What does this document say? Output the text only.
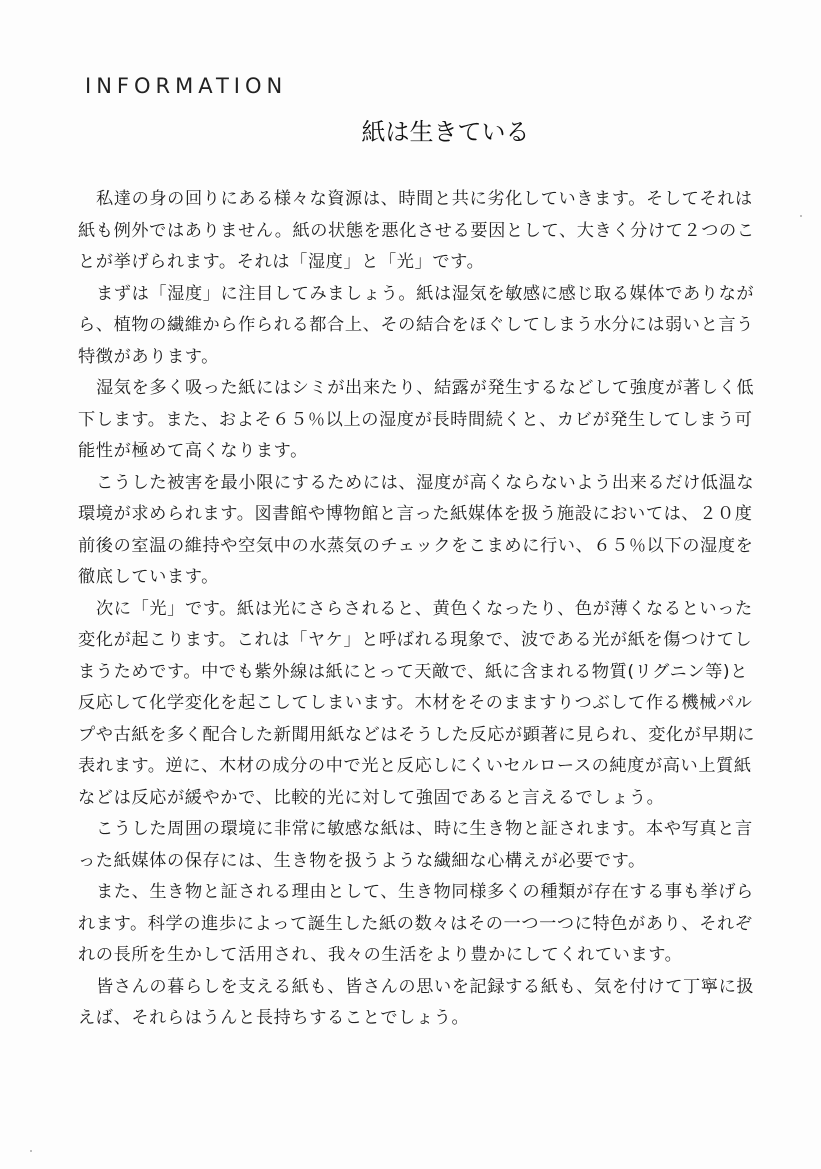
INFORMATION
紙は生きている
私達の身の回りにある様々な資源は、時間と共に劣化していきます。そしてそれは
紙も例外ではありません。紙の状態を悪化させる要因として、大きく分けて２つのこ
とが挙げられます。それは「湿度」と「光」です。
まずは「湿度」に注目してみましょう。紙は湿気を敏感に感じ取る媒体でありなが
ら、植物の繊維から作られる都合上、その結合をほぐしてしまう水分には弱いと言う
特徴があります。
湿気を多く吸った紙にはシミが出来たり、結露が発生するなどして強度が著しく低
下します。また、およそ６５％以上の湿度が長時間続くと、カビが発生してしまう可
能性が極めて高くなります。
こうした被害を最小限にするためには、湿度が高くならないよう出来るだけ低温な
環境が求められます。図書館や博物館と言った紙媒体を扱う施設においては、２０度
前後の室温の維持や空気中の水蒸気のチェックをこまめに行い、６５％以下の湿度を
徹底しています。
次に「光」です。紙は光にさらされると、黄色くなったり、色が薄くなるといった
変化が起こります。これは「ヤケ」と呼ばれる現象で、波である光が紙を傷つけてし
まうためです。中でも紫外線は紙にとって天敵で、紙に含まれる物質(リグニン等)と
反応して化学変化を起こしてしまいます。木材をそのまますりつぶして作る機械パル
プや古紙を多く配合した新聞用紙などはそうした反応が顕著に見られ、変化が早期に
表れます。逆に、木材の成分の中で光と反応しにくいセルロースの純度が高い上質紙
などは反応が緩やかで、比較的光に対して強固であると言えるでしょう。
こうした周囲の環境に非常に敏感な紙は、時に生き物と証されます。本や写真と言
った紙媒体の保存には、生き物を扱うような繊細な心構えが必要です。
また、生き物と証される理由として、生き物同様多くの種類が存在する事も挙げら
れます。科学の進歩によって誕生した紙の数々はその一つ一つに特色があり、それぞ
れの長所を生かして活用され、我々の生活をより豊かにしてくれています。
皆さんの暮らしを支える紙も、皆さんの思いを記録する紙も、気を付けて丁寧に扱
えば、それらはうんと長持ちすることでしょう。
